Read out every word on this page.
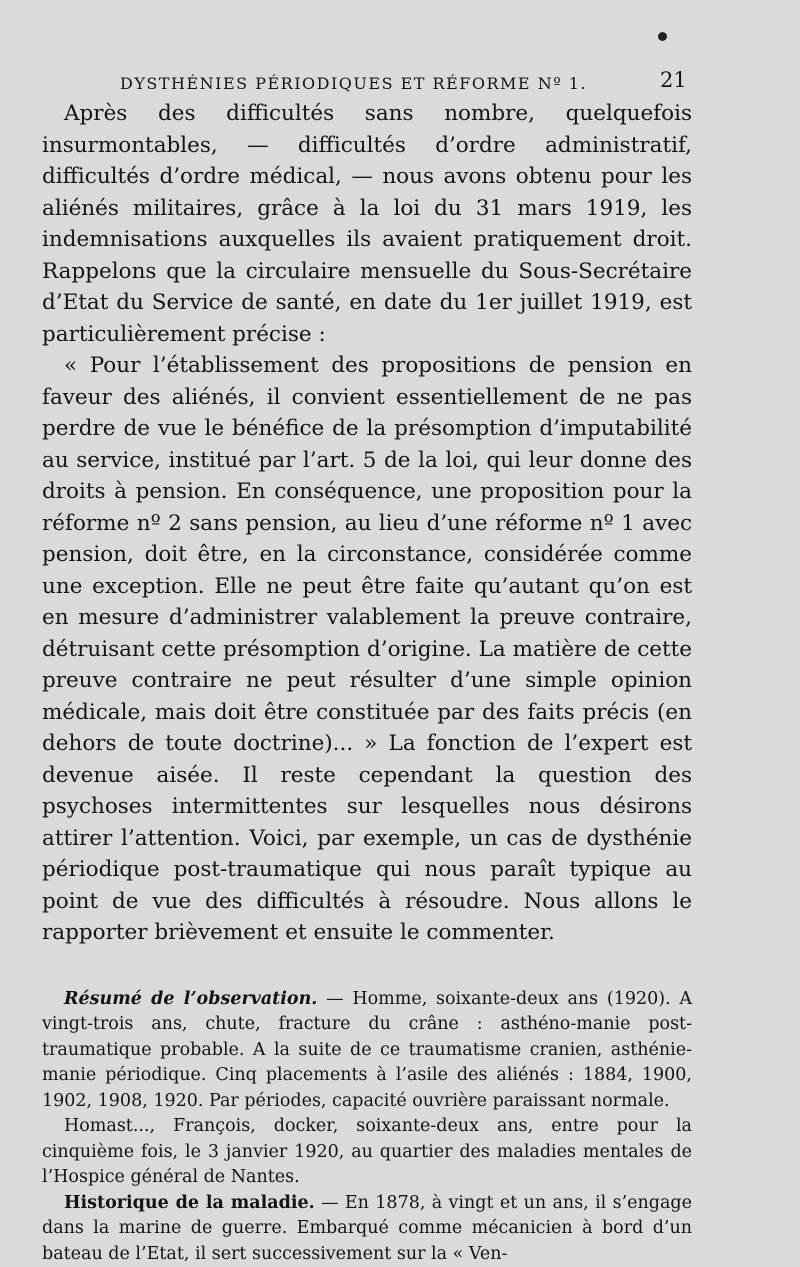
DYSTHÉNIES PÉRIODIQUES ET RÉFORME Nº 1.	21

Après des difficultés sans nombre, quelquefois insurmontables, — difficultés d’ordre administratif, difficultés d’ordre médical, — nous avons obtenu pour les aliénés militaires, grâce à la loi du 31 mars 1919, les indemnisations auxquelles ils avaient pratiquement droit. Rappelons que la circulaire mensuelle du Sous-Secrétaire d’Etat du Service de santé, en date du 1er juillet 1919, est particulièrement précise :

« Pour l’établissement des propositions de pension en faveur des aliénés, il convient essentiellement de ne pas perdre de vue le bénéfice de la présomption d’imputabilité au service, institué par l’art. 5 de la loi, qui leur donne des droits à pension. En conséquence, une proposition pour la réforme nº 2 sans pension, au lieu d’une réforme nº 1 avec pension, doit être, en la circonstance, considérée comme une exception. Elle ne peut être faite qu’autant qu’on est en mesure d’administrer valablement la preuve contraire, détruisant cette présomption d’origine. La matière de cette preuve contraire ne peut résulter d’une simple opinion médicale, mais doit être constituée par des faits précis (en dehors de toute doctrine)... » La fonction de l’expert est devenue aisée. Il reste cependant la question des psychoses intermittentes sur lesquelles nous désirons attirer l’attention. Voici, par exemple, un cas de dysthénie périodique post-traumatique qui nous paraît typique au point de vue des difficultés à résoudre. Nous allons le rapporter brièvement et ensuite le commenter.

Résumé de l’observation. — Homme, soixante-deux ans (1920). A vingt-trois ans, chute, fracture du crâne : asthéno-manie post-traumatique probable. A la suite de ce traumatisme cranien, asthénie-manie périodique. Cinq placements à l’asile des aliénés : 1884, 1900, 1902, 1908, 1920. Par périodes, capacité ouvrière paraissant normale.

Homast..., François, docker, soixante-deux ans, entre pour la cinquième fois, le 3 janvier 1920, au quartier des maladies mentales de l’Hospice général de Nantes.

Historique de la maladie. — En 1878, à vingt et un ans, il s’engage dans la marine de guerre. Embarqué comme mécanicien à bord d’un bateau de l’Etat, il sert successivement sur la « Ven-
